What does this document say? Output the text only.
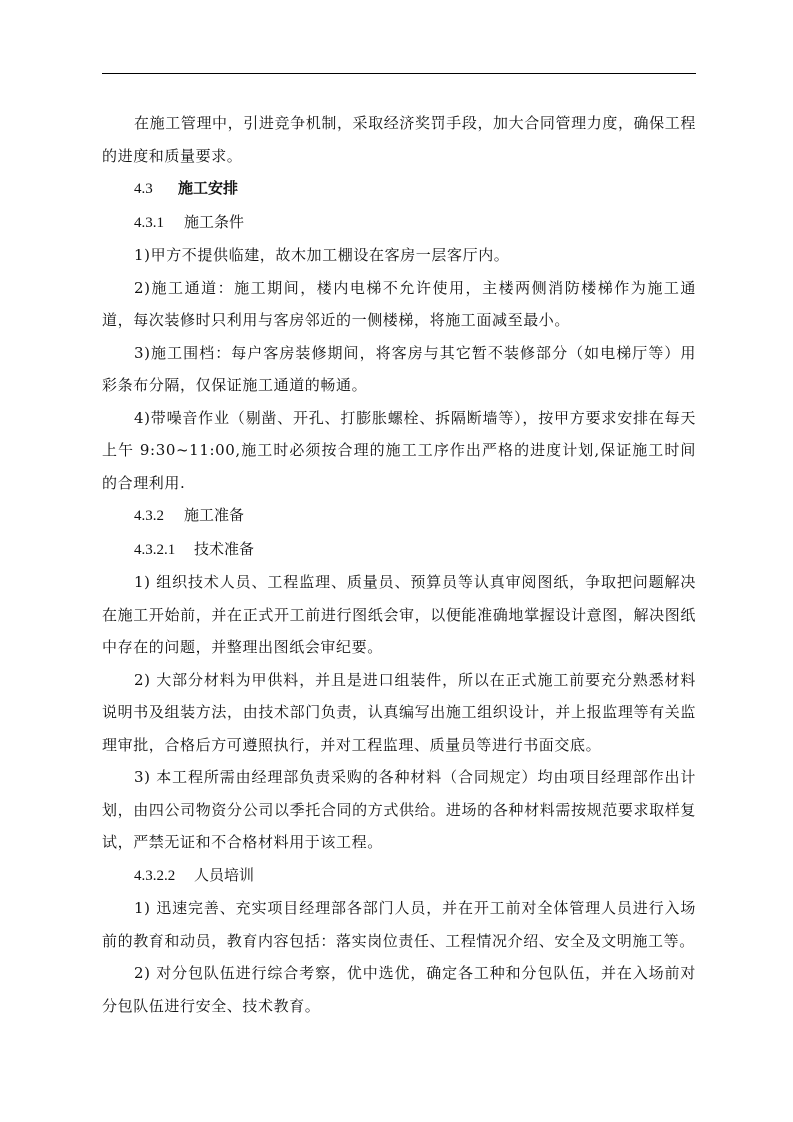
在施工管理中，引进竞争机制，采取经济奖罚手段，加大合同管理力度，确保工程的进度和质量要求。

4.3 施工安排
4.3.1 施工条件

1)甲方不提供临建，故木加工棚设在客房一层客厅内。

2)施工通道：施工期间，楼内电梯不允许使用，主楼两侧消防楼梯作为施工通道，每次装修时只利用与客房邻近的一侧楼梯，将施工面减至最小。

3)施工围档：每户客房装修期间，将客房与其它暂不装修部分（如电梯厅等）用彩条布分隔，仅保证施工通道的畅通。

4)带噪音作业（剔凿、开孔、打膨胀螺栓、拆隔断墙等），按甲方要求安排在每天上午 9:30~11:00,施工时必须按合理的施工工序作出严格的进度计划,保证施工时间的合理利用.

4.3.2 施工准备
4.3.2.1 技术准备

1) 组织技术人员、工程监理、质量员、预算员等认真审阅图纸，争取把问题解决在施工开始前，并在正式开工前进行图纸会审，以便能准确地掌握设计意图，解决图纸中存在的问题，并整理出图纸会审纪要。

2) 大部分材料为甲供料，并且是进口组装件，所以在正式施工前要充分熟悉材料说明书及组装方法，由技术部门负责，认真编写出施工组织设计，并上报监理等有关监理审批，合格后方可遵照执行，并对工程监理、质量员等进行书面交底。

3) 本工程所需由经理部负责采购的各种材料（合同规定）均由项目经理部作出计划，由四公司物资分公司以季托合同的方式供给。进场的各种材料需按规范要求取样复试，严禁无证和不合格材料用于该工程。

4.3.2.2 人员培训

1) 迅速完善、充实项目经理部各部门人员，并在开工前对全体管理人员进行入场前的教育和动员，教育内容包括：落实岗位责任、工程情况介绍、安全及文明施工等。

2) 对分包队伍进行综合考察，优中选优，确定各工种和分包队伍，并在入场前对分包队伍进行安全、技术教育。
